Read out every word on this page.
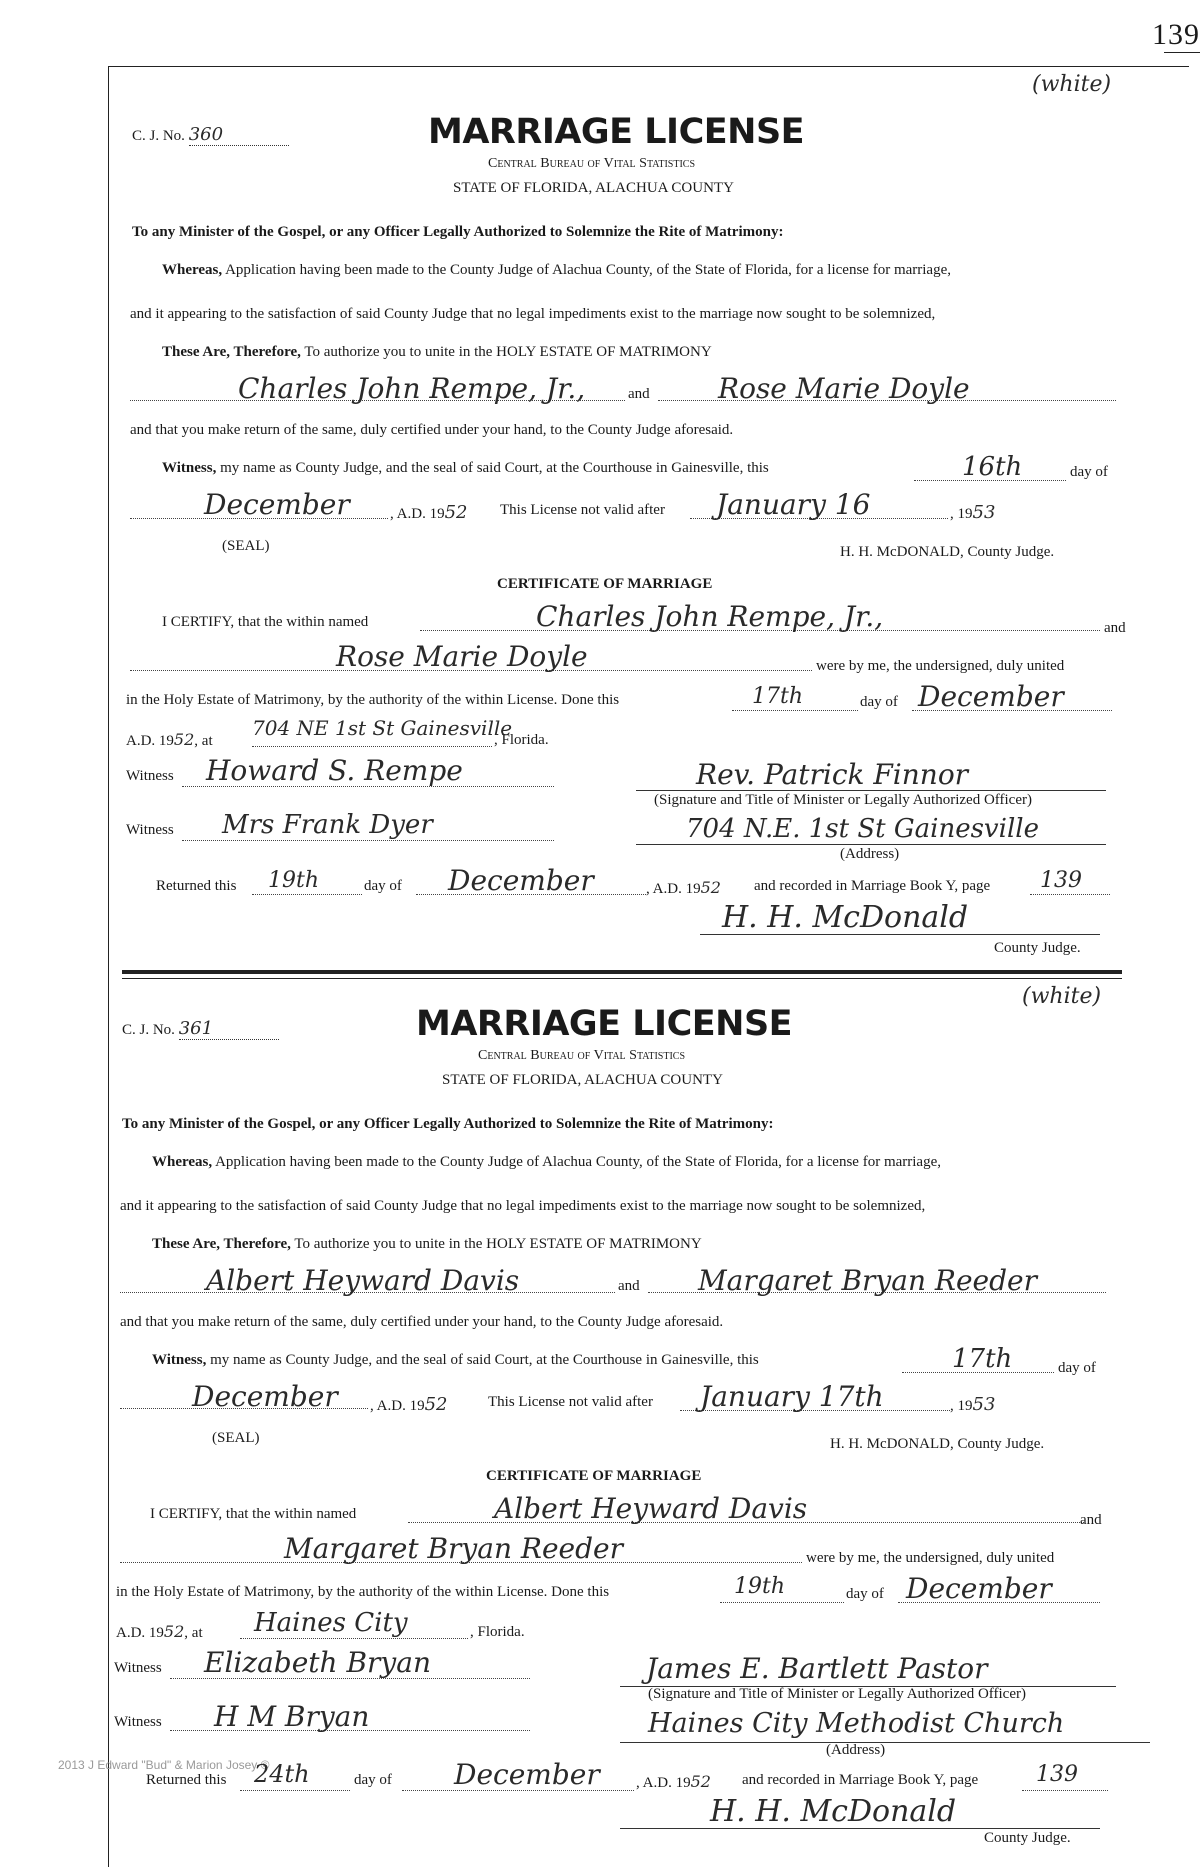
139
(white)
C. J. No. 360	MARRIAGE LICENSE
Central Bureau of Vital Statistics
STATE OF FLORIDA, ALACHUA COUNTY
To any Minister of the Gospel, or any Officer Legally Authorized to Solemnize the Rite of Matrimony:
Whereas, Application having been made to the County Judge of Alachua County, of the State of Florida, for a license for marriage,
and it appearing to the satisfaction of said County Judge that no legal impediments exist to the marriage now sought to be solemnized,
These Are, Therefore, To authorize you to unite in the HOLY ESTATE OF MATRIMONY
Charles John Rempe, Jr.,	and Rose Marie Doyle
and that you make return of the same, duly certified under your hand, to the County Judge aforesaid.
Witness, my name as County Judge, and the seal of said Court, at the Courthouse in Gainesville, this	16th	day of
December	, A.D. 1952 This License not valid after January 16	, 1953
(SEAL)	H. H. McDONALD, County Judge.
CERTIFICATE OF MARRIAGE
I CERTIFY, that the within named	Charles John Rempe, Jr.,	and
Rose Marie Doyle	were by me, the undersigned, duly united
in the Holy Estate of Matrimony, by the authority of the within License. Done this	17th	day of December
A.D. 1952, at
704 NE 1st St Gainesville
, Florida.
Witness Howard S. Rempe	Rev. Patrick Finnor
(Signature and Title of Minister or Legally Authorized Officer)
Witness Mrs Frank Dyer	704 N.E. 1st St Gainesville
(Address)
Returned this 19th	day of December	, A.D. 1952 and recorded in Marriage Book Y, page 139
H. H. McDonald
County Judge.
(white)
C. J. No. 361	MARRIAGE LICENSE
Central Bureau of Vital Statistics
STATE OF FLORIDA, ALACHUA COUNTY
To any Minister of the Gospel, or any Officer Legally Authorized to Solemnize the Rite of Matrimony:
Whereas, Application having been made to the County Judge of Alachua County, of the State of Florida, for a license for marriage,
and it appearing to the satisfaction of said County Judge that no legal impediments exist to the marriage now sought to be solemnized,
These Are, Therefore, To authorize you to unite in the HOLY ESTATE OF MATRIMONY
Albert Heyward Davis	and Margaret Bryan Reeder
and that you make return of the same, duly certified under your hand, to the County Judge aforesaid.
Witness, my name as County Judge, and the seal of said Court, at the Courthouse in Gainesville, this	17th	day of
December , A.D. 1952	This License not valid after January 17th	, 1953
(SEAL)	H. H. McDONALD, County Judge.
CERTIFICATE OF MARRIAGE
I CERTIFY, that the within named	Albert Heyward Davis	and
Margaret Bryan Reeder	were by me, the undersigned, duly united
in the Holy Estate of Matrimony, by the authority of the within License. Done this	19th	day of December
A.D. 1952, at Haines City	, Florida.
Witness Elizabeth Bryan	James E. Bartlett Pastor
(Signature and Title of Minister or Legally Authorized Officer)
Witness H M Bryan	Haines City Methodist Church
(Address)
2013 J Edward "Bud" & Marion Josey ©
Returned this 24th	day of December , A.D. 1952 and recorded in Marriage Book Y, page	139
H. H. McDonald
County Judge.
